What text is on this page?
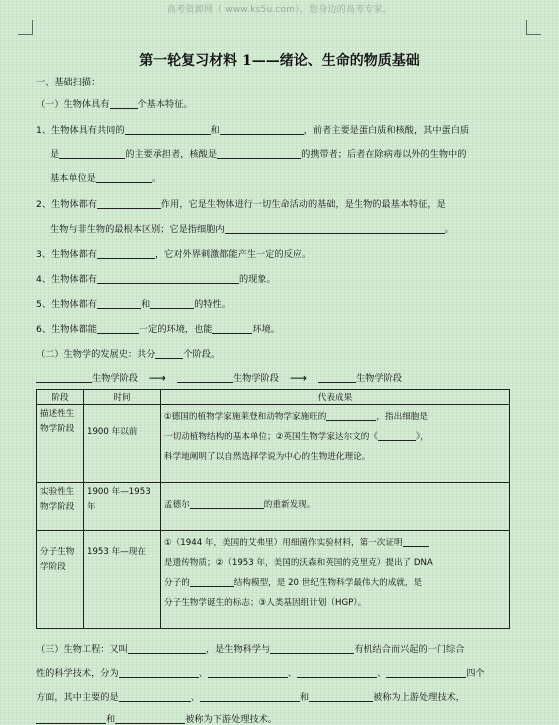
高考资源网（ www.ks5u.com），您身边的高考专家。
第一轮复习材料 1——绪论、生命的物质基础
一、基础扫描：
（一）生物体具有	个基本特征。
1、生物体具有共同的	和	，前者主要是蛋白质和核酸，其中蛋白质
是	的主要承担者，核酸是	的携带者；后者在除病毒以外的生物中的
基本单位是	。
2、生物体都有	作用，它是生物体进行一切生命活动的基础，是生物的最基本特征，是
生物与非生物的最根本区别；它是指细胞内	。
3、生物体都有	，它对外界刺激都能产生一定的反应。
4、生物体都有	的现象。
5、生物体都有	和	的特性。
6、生物体都能	一定的环境，也能	环境。
（二）生物学的发展史：共分	个阶段。
生物学阶段 ⟶	生物学阶段 ⟶	生物学阶段
阶段	时间	代表成果
描述性生物学阶段	1900 年以前	①德国的植物学家施莱登和动物学家施旺的 ，指出细胞是
一切动植物结构的基本单位；②英国生物学家达尔文的《 》，
科学地阐明了以自然选择学说为中心的生物进化理论。

实验性生物学阶段	1900 年—1953 年	孟德尔 的重新发现。

分子生物学阶段	1953 年—现在	①（1944 年，美国的艾弗里）用细菌作实验材料，第一次证明
是遗传物质；②（1953 年，美国的沃森和英国的克里克）提出了 DNA
分子的 结构模型，是 20 世纪生物科学最伟大的成就，是
分子生物学诞生的标志；③人类基因组计划（HGP）。
（三）生物工程：又叫	，是生物科学与	有机结合而兴起的一门综合
性的科学技术，分为	、	、	、	四个
方面，其中主要的是	、	和	被称为上游处理技术，
和	被称为下游处理技术。
